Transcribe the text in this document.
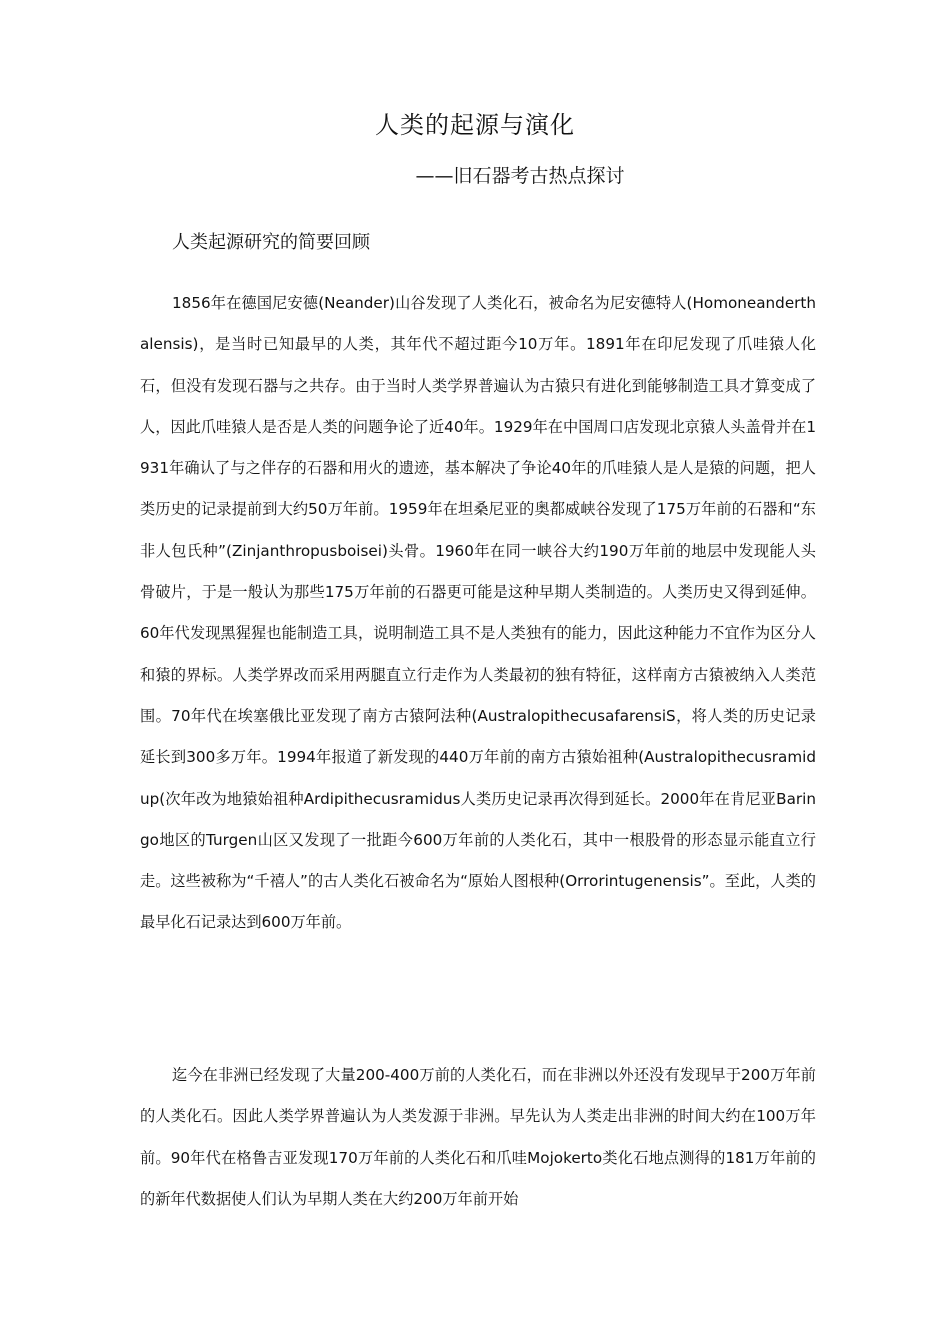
人类的起源与演化
——旧石器考古热点探讨
人类起源研究的简要回顾

1856年在德国尼安德(Neander)山谷发现了人类化石，被命名为尼安德特人(Homoneanderthalensis)，是当时已知最早的人类，其年代不超过距今10万年。1891年在印尼发现了爪哇猿人化石，但没有发现石器与之共存。由于当时人类学界普遍认为古猿只有进化到能够制造工具才算变成了人，因此爪哇猿人是否是人类的问题争论了近40年。1929年在中国周口店发现北京猿人头盖骨并在1931年确认了与之伴存的石器和用火的遗迹，基本解决了争论40年的爪哇猿人是人是猿的问题，把人类历史的记录提前到大约50万年前。1959年在坦桑尼亚的奥都威峡谷发现了175万年前的石器和“东非人包氏种”(Zinjanthropusboisei)头骨。1960年在同一峡谷大约190万年前的地层中发现能人头骨破片，于是一般认为那些175万年前的石器更可能是这种早期人类制造的。人类历史又得到延伸。60年代发现黑猩猩也能制造工具，说明制造工具不是人类独有的能力，因此这种能力不宜作为区分人和猿的界标。人类学界改而采用两腿直立行走作为人类最初的独有特征，这样南方古猿被纳入人类范围。70年代在埃塞俄比亚发现了南方古猿阿法种(AustralopithecusafarensiS，将人类的历史记录延长到300多万年。1994年报道了新发现的440万年前的南方古猿始祖种(Australopithecusramidup(次年改为地猿始祖种Ardipithecusramidus人类历史记录再次得到延长。2000年在肯尼亚Baringo地区的Turgen山区又发现了一批距今600万年前的人类化石，其中一根股骨的形态显示能直立行走。这些被称为“千禧人”的古人类化石被命名为“原始人图根种(Orrorintugenensis”。至此，人类的最早化石记录达到600万年前。

迄今在非洲已经发现了大量200-400万前的人类化石，而在非洲以外还没有发现早于200万年前的人类化石。因此人类学界普遍认为人类发源于非洲。早先认为人类走出非洲的时间大约在100万年前。90年代在格鲁吉亚发现170万年前的人类化石和爪哇Mojokerto类化石地点测得的181万年前的的新年代数据使人们认为早期人类在大约200万年前开始
